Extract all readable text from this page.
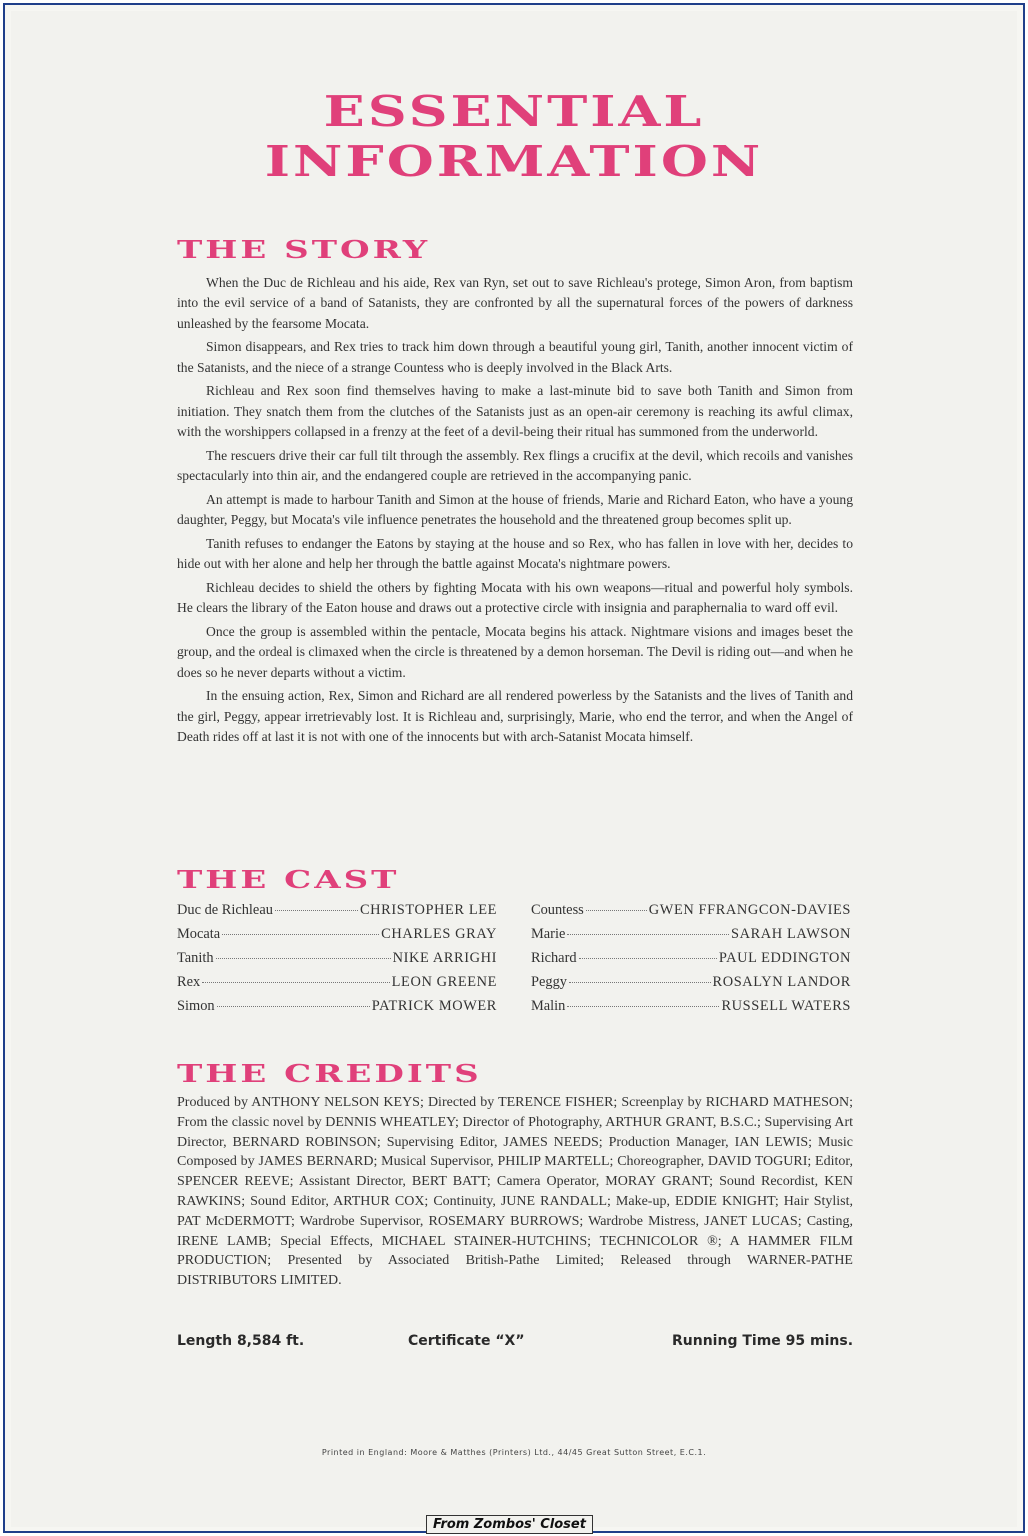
ESSENTIAL
INFORMATION
THE STORY

When the Duc de Richleau and his aide, Rex van Ryn, set out to save Richleau's protege, Simon Aron, from baptism into the evil service of a band of Satanists, they are confronted by all the supernatural forces of the powers of darkness unleashed by the fearsome Mocata.

Simon disappears, and Rex tries to track him down through a beautiful young girl, Tanith, another innocent victim of the Satanists, and the niece of a strange Countess who is deeply involved in the Black Arts.

Richleau and Rex soon find themselves having to make a last-minute bid to save both Tanith and Simon from initiation. They snatch them from the clutches of the Satanists just as an open-air ceremony is reaching its awful climax, with the worshippers collapsed in a frenzy at the feet of a devil-being their ritual has summoned from the underworld.

The rescuers drive their car full tilt through the assembly. Rex flings a crucifix at the devil, which recoils and vanishes spectacularly into thin air, and the endangered couple are retrieved in the accompanying panic.

An attempt is made to harbour Tanith and Simon at the house of friends, Marie and Richard Eaton, who have a young daughter, Peggy, but Mocata's vile influence penetrates the household and the threatened group becomes split up.

Tanith refuses to endanger the Eatons by staying at the house and so Rex, who has fallen in love with her, decides to hide out with her alone and help her through the battle against Mocata's nightmare powers.

Richleau decides to shield the others by fighting Mocata with his own weapons—ritual and powerful holy symbols. He clears the library of the Eaton house and draws out a protective circle with insignia and paraphernalia to ward off evil.

Once the group is assembled within the pentacle, Mocata begins his attack. Nightmare visions and images beset the group, and the ordeal is climaxed when the circle is threatened by a demon horseman. The Devil is riding out—and when he does so he never departs without a victim.

In the ensuing action, Rex, Simon and Richard are all rendered powerless by the Satanists and the lives of Tanith and the girl, Peggy, appear irretrievably lost. It is Richleau and, surprisingly, Marie, who end the terror, and when the Angel of Death rides off at last it is not with one of the innocents but with arch-Satanist Mocata himself.

THE CAST
Duc de Richleau	CHRISTOPHER LEE
Mocata	CHARLES GRAY
Tanith	NIKE ARRIGHI
Rex	LEON GREENE
Simon	PATRICK MOWER
Countess	GWEN FFRANGCON-DAVIES
Marie	SARAH LAWSON
Richard	PAUL EDDINGTON
Peggy	ROSALYN LANDOR
Malin	RUSSELL WATERS
THE CREDITS
Produced by ANTHONY NELSON KEYS; Directed by TERENCE FISHER; Screenplay by RICHARD MATHESON; From the classic novel by DENNIS WHEATLEY; Director of Photography, ARTHUR GRANT, B.S.C.; Supervising Art Director, BERNARD ROBINSON; Supervising Editor, JAMES NEEDS; Production Manager, IAN LEWIS; Music Composed by JAMES BERNARD; Musical Supervisor, PHILIP MARTELL; Choreographer, DAVID TOGURI; Editor, SPENCER REEVE; Assistant Director, BERT BATT; Camera Operator, MORAY GRANT; Sound Recordist, KEN RAWKINS; Sound Editor, ARTHUR COX; Continuity, JUNE RANDALL; Make-up, EDDIE KNIGHT; Hair Stylist, PAT McDERMOTT; Wardrobe Supervisor, ROSEMARY BURROWS; Wardrobe Mistress, JANET LUCAS; Casting, IRENE LAMB; Special Effects, MICHAEL STAINER-HUTCHINS; TECHNICOLOR ®; A HAMMER FILM PRODUCTION; Presented by Associated British-Pathe Limited; Released through WARNER-PATHE DISTRIBUTORS LIMITED.
Length 8,584 ft.	Certificate “X”	Running Time 95 mins.
Printed in England: Moore & Matthes (Printers) Ltd., 44/45 Great Sutton Street, E.C.1.
From Zombos' Closet
